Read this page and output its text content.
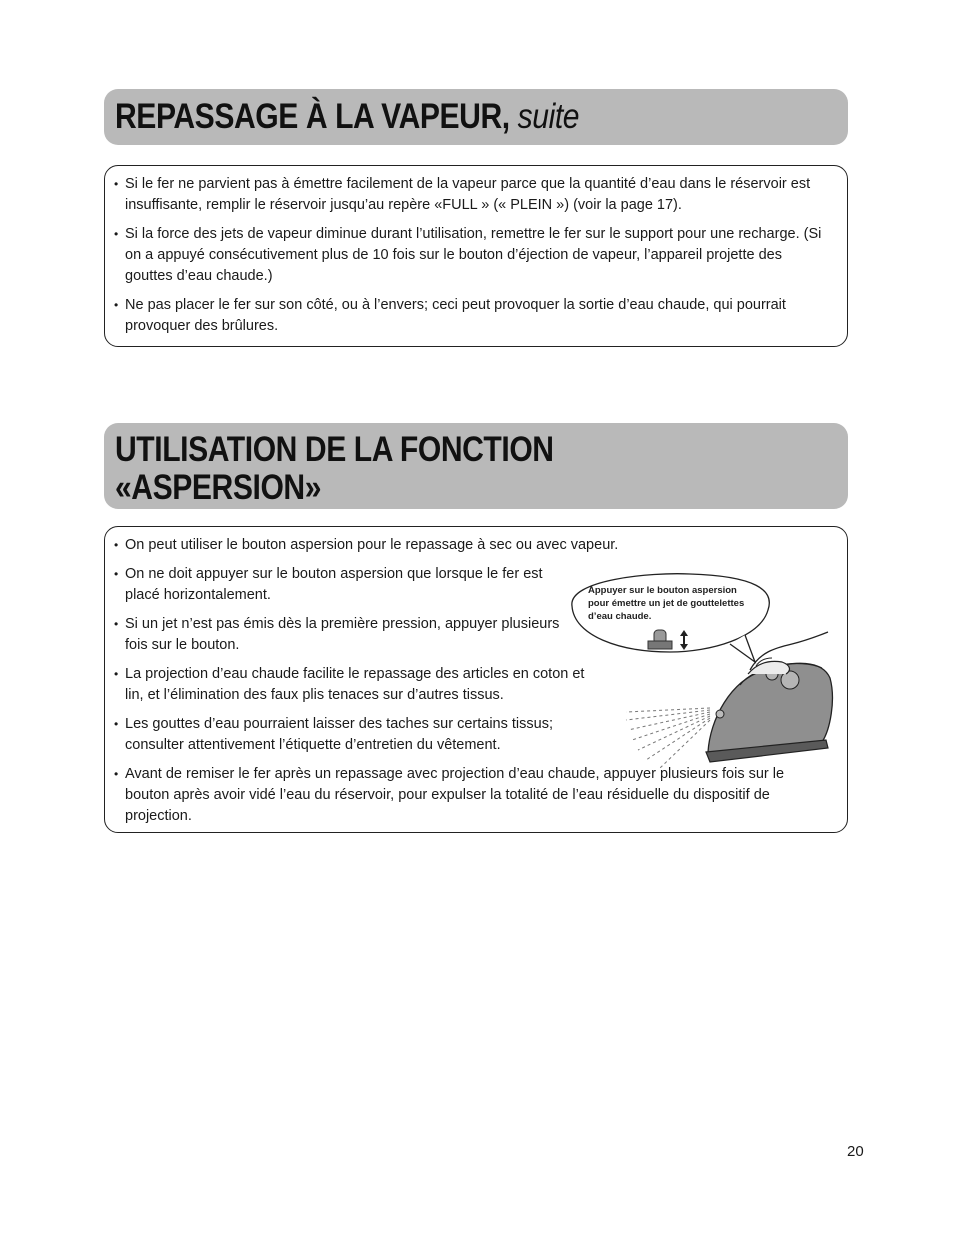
REPASSAGE À LA VAPEUR, suite
• Si le fer ne parvient pas à émettre facilement de la vapeur parce que la quantité d’eau dans le réservoir est insuffisante, remplir le réservoir jusqu’au repère «FULL » (« PLEIN ») (voir la page 17).
• Si la force des jets de vapeur diminue durant l’utilisation, remettre le fer sur le support pour une recharge. (Si on a appuyé consécutivement plus de 10 fois sur le bouton d’éjection de vapeur, l’appareil projette des gouttes d’eau chaude.)
• Ne pas placer le fer sur son côté, ou à l’envers; ceci peut provoquer la sortie d’eau chaude, qui pourrait provoquer des brûlures.
UTILISATION DE LA FONCTION
«ASPERSION»
• On peut utiliser le bouton aspersion pour le repassage à sec ou avec vapeur.
• On ne doit appuyer sur le bouton aspersion que lorsque le fer est placé horizontalement.
• Si un jet n’est pas émis dès la première pression, appuyer plusieurs fois sur le bouton.
• La projection d’eau chaude facilite le repassage des articles en coton et lin, et l’élimination des faux plis tenaces sur d’autres tissus.
• Les gouttes d’eau pourraient laisser des taches sur certains tissus; consulter attentivement l’étiquette d’entretien du vêtement.
• Avant de remiser le fer après un repassage avec projection d’eau chaude, appuyer plusieurs fois sur le bouton après avoir vidé l’eau du réservoir, pour expulser la totalité de l’eau résiduelle du dispositif de projection.
Appuyer sur le bouton aspersion pour émettre un jet de gouttelettes d’eau chaude.
20
